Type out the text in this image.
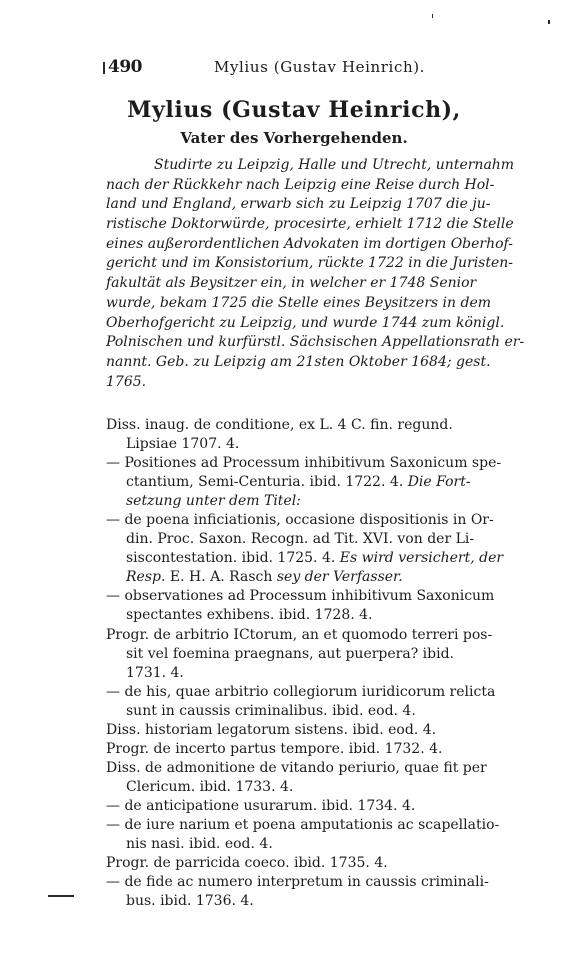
490	Mylius (Gustav Heinrich).
Mylius (Gustav Heinrich),
Vater des Vorhergehenden.
Studirte zu Leipzig, Halle und Utrecht, unternahm
nach der Rückkehr nach Leipzig eine Reise durch Hol-
land und England, erwarb sich zu Leipzig 1707 die ju-
ristische Doktorwürde, procesirte, erhielt 1712 die Stelle
eines außerordentlichen Advokaten im dortigen Oberhof-
gericht und im Konsistorium, rückte 1722 in die Juristen-
fakultät als Beysitzer ein, in welcher er 1748 Senior
wurde, bekam 1725 die Stelle eines Beysitzers in dem
Oberhofgericht zu Leipzig, und wurde 1744 zum königl.
Polnischen und kurfürstl. Sächsischen Appellationsrath er-
nannt. Geb. zu Leipzig am 21sten Oktober 1684; gest.
1765.
Diss. inaug. de conditione, ex L. 4 C. fin. regund.
Lipsiae 1707. 4.
— Positiones ad Processum inhibitivum Saxonicum spe-
ctantium, Semi-Centuria. ibid. 1722. 4. Die Fort-
setzung unter dem Titel:
— de poena inficiationis, occasione dispositionis in Or-
din. Proc. Saxon. Recogn. ad Tit. XVI. von der Li-
siscontestation. ibid. 1725. 4. Es wird versichert, der
Resp. E. H. A. Rasch sey der Verfasser.
— observationes ad Processum inhibitivum Saxonicum
spectantes exhibens. ibid. 1728. 4.
Progr. de arbitrio ICtorum, an et quomodo terreri pos-
sit vel foemina praegnans, aut puerpera? ibid.
1731. 4.
— de his, quae arbitrio collegiorum iuridicorum relicta
sunt in caussis criminalibus. ibid. eod. 4.
Diss. historiam legatorum sistens. ibid. eod. 4.
Progr. de incerto partus tempore. ibid. 1732. 4.
Diss. de admonitione de vitando periurio, quae fit per
Clericum. ibid. 1733. 4.
— de anticipatione usurarum. ibid. 1734. 4.
— de iure narium et poena amputationis ac scapellatio-
nis nasi. ibid. eod. 4.
Progr. de parricida coeco. ibid. 1735. 4.
— de fide ac numero interpretum in caussis criminali-
bus. ibid. 1736. 4.
